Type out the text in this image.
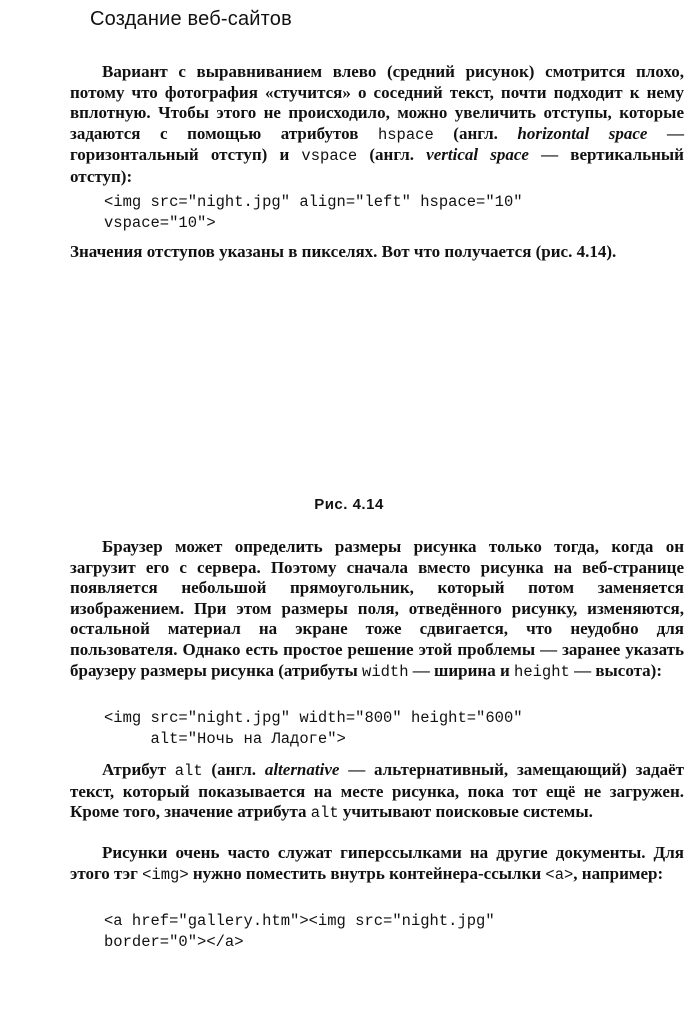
Создание веб-сайтов
Вариант с выравниванием влево (средний рисунок) смотрится плохо, потому что фотография «стучится» о соседний текст, почти подходит к нему вплотную. Чтобы этого не происходило, можно увеличить отступы, которые задаются с помощью атрибутов hspace (англ. horizontal space — горизонтальный отступ) и vspace (англ. vertical space — вертикальный отступ):
<img src="night.jpg" align="left" hspace="10"
vspace="10">
Значения отступов указаны в пикселях. Вот что получается (рис. 4.14).
Рис. 4.14
Браузер может определить размеры рисунка только тогда, когда он загрузит его с сервера. Поэтому сначала вместо рисунка на веб-странице появляется небольшой прямоугольник, который потом заменяется изображением. При этом размеры поля, отведённого рисунку, изменяются, остальной материал на экране тоже сдвигается, что неудобно для пользователя. Однако есть простое решение этой проблемы — заранее указать браузеру размеры рисунка (атрибуты width — ширина и height — высота):
<img src="night.jpg" width="800" height="600"
alt="Ночь на Ладоге">
Атрибут alt (англ. alternative — альтернативный, замещающий) задаёт текст, который показывается на месте рисунка, пока тот ещё не загружен. Кроме того, значение атрибута alt учитывают поисковые системы.
Рисунки очень часто служат гиперссылками на другие документы. Для этого тэг <img> нужно поместить внутрь контейнера-ссылки <a>, например:
<a href="gallery.htm"><img src="night.jpg"
border="0"></a>
